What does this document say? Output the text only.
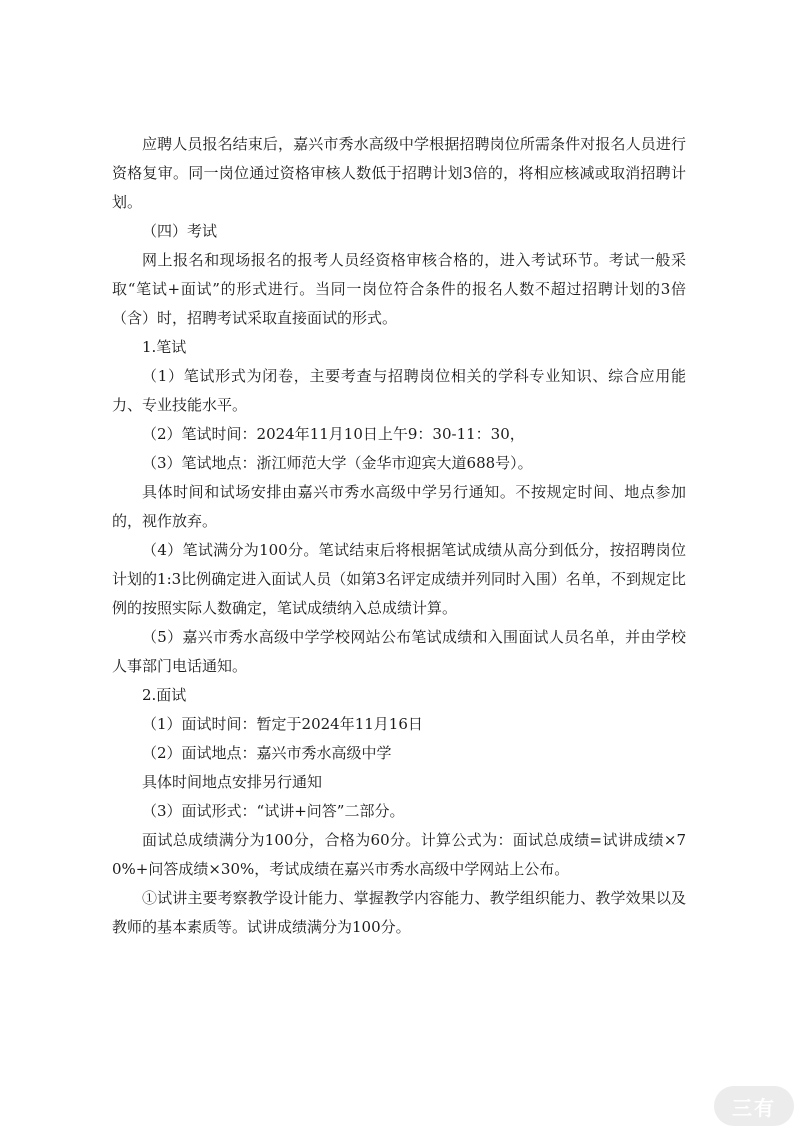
应聘人员报名结束后，嘉兴市秀水高级中学根据招聘岗位所需条件对报名人员进行资格复审。同一岗位通过资格审核人数低于招聘计划3倍的，将相应核减或取消招聘计划。

（四）考试

网上报名和现场报名的报考人员经资格审核合格的，进入考试环节。考试一般采取“笔试+面试”的形式进行。当同一岗位符合条件的报名人数不超过招聘计划的3倍（含）时，招聘考试采取直接面试的形式。

1.笔试

（1）笔试形式为闭卷，主要考查与招聘岗位相关的学科专业知识、综合应用能力、专业技能水平。

（2）笔试时间：2024年11月10日上午9：30-11：30，

（3）笔试地点：浙江师范大学（金华市迎宾大道688号）。

具体时间和试场安排由嘉兴市秀水高级中学另行通知。不按规定时间、地点参加的，视作放弃。

（4）笔试满分为100分。笔试结束后将根据笔试成绩从高分到低分，按招聘岗位计划的1:3比例确定进入面试人员（如第3名评定成绩并列同时入围）名单，不到规定比例的按照实际人数确定，笔试成绩纳入总成绩计算。

（5）嘉兴市秀水高级中学学校网站公布笔试成绩和入围面试人员名单，并由学校人事部门电话通知。

2.面试

（1）面试时间：暂定于2024年11月16日

（2）面试地点：嘉兴市秀水高级中学

具体时间地点安排另行通知

（3）面试形式：“试讲+问答”二部分。

面试总成绩满分为100分，合格为60分。计算公式为：面试总成绩=试讲成绩×70%+问答成绩×30%，考试成绩在嘉兴市秀水高级中学网站上公布。

①试讲主要考察教学设计能力、掌握教学内容能力、教学组织能力、教学效果以及教师的基本素质等。试讲成绩满分为100分。

三有
